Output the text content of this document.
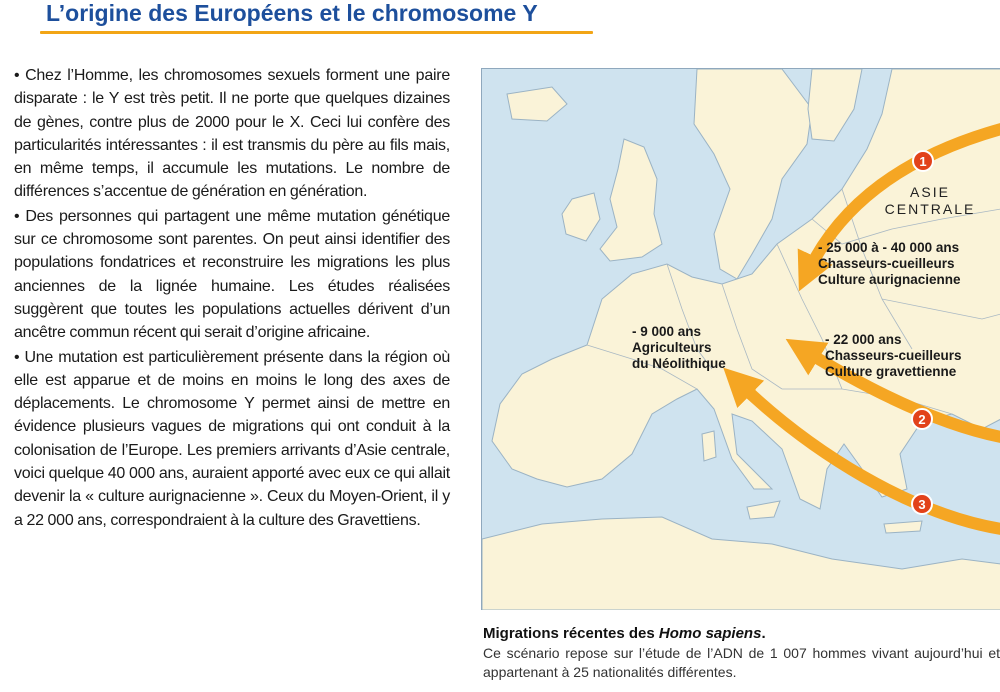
L’origine des Européens et le chromosome Y

• Chez l’Homme, les chromosomes sexuels forment une paire disparate : le Y est très petit. Il ne porte que quelques dizaines de gènes, contre plus de 2000 pour le X. Ceci lui confère des particularités intéressantes : il est transmis du père au fils mais, en même temps, il accumule les mutations. Le nombre de différences s’accentue de génération en génération.

• Des personnes qui partagent une même mutation génétique sur ce chromosome sont parentes. On peut ainsi identifier des populations fondatrices et reconstruire les migrations les plus anciennes de la lignée humaine. Les études réalisées suggèrent que toutes les populations actuelles dérivent d’un ancêtre commun récent qui serait d’origine africaine.

• Une mutation est particulièrement présente dans la région où elle est apparue et de moins en moins le long des axes de déplacements. Le chromosome Y permet ainsi de mettre en évidence plusieurs vagues de migrations qui ont conduit à la colonisation de l’Europe. Les premiers arrivants d’Asie centrale, voici quelque 40 000 ans, auraient apporté avec eux ce qui allait devenir la « culture aurignacienne ». Ceux du Moyen-Orient, il y a 22 000 ans, correspondraient à la culture des Gravettiens.

1
2
3
ASIE
CENTRALE
- 25 000 à - 40 000 ans
Chasseurs-cueilleurs
Culture aurignacienne
- 22 000 ans
Chasseurs-cueilleurs
Culture gravettienne
- 9 000 ans
Agriculteurs
du Néolithique
Migrations récentes des Homo sapiens.
Ce scénario repose sur l’étude de l’ADN de 1 007 hommes vivant aujourd’hui et appartenant à 25 nationalités différentes.
